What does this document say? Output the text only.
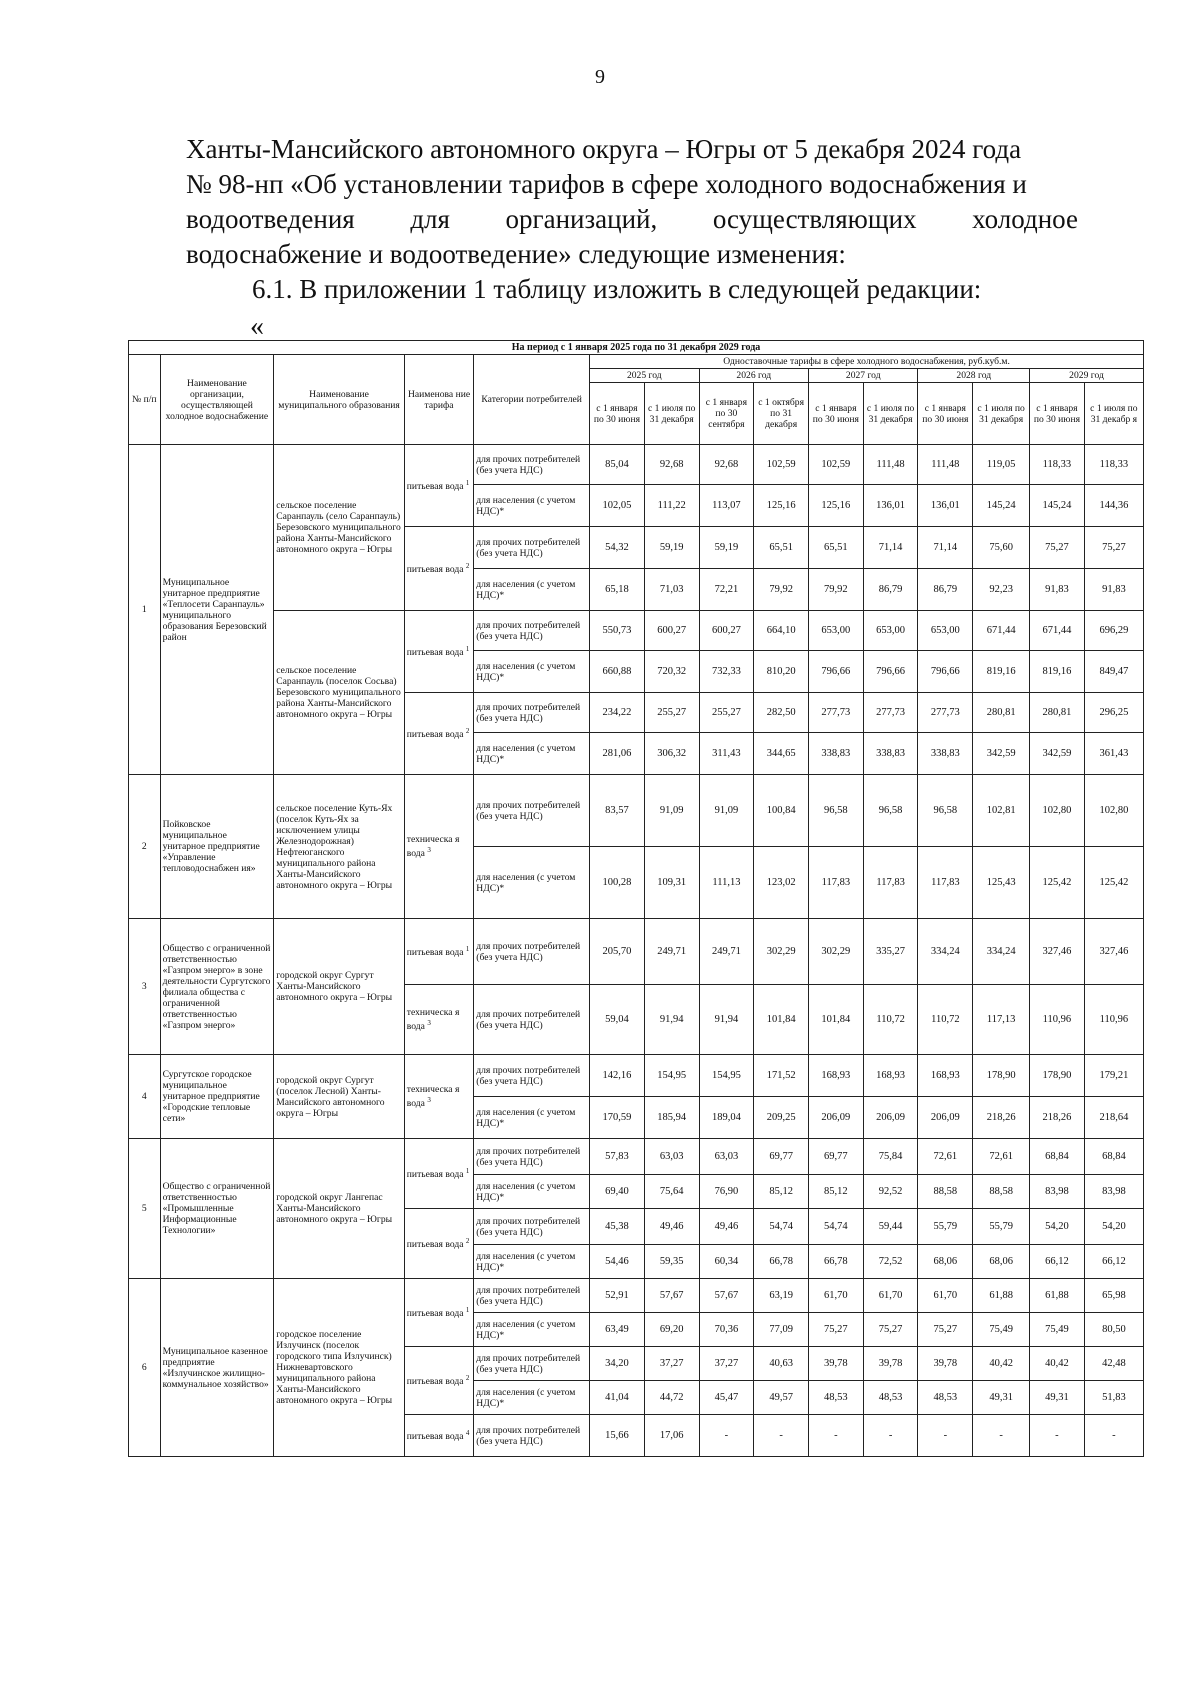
9
Ханты-Мансийского автономного округа – Югры от 5 декабря 2024 года
№ 98-нп «Об установлении тарифов в сфере холодного водоснабжения и
водоотведения для организаций, осуществляющих холодное
водоснабжение и водоотведение» следующие изменения:
6.1. В приложении 1 таблицу изложить в следующей редакции:
«
На период с 1 января 2025 года по 31 декабря 2029 года														
№ п/п	Наименование организации, осуществляющей холодное водоснабжение	Наименование муниципального образования	Наименова ние тарифа	Категории потребителей	Одноставочные тарифы в сфере холодного водоснабжения, руб.куб.м.									
					2025 год		2026 год		2027 год		2028 год		2029 год	
					с 1 января по 30 июня	с 1 июля по 31 декабря	с 1 января по 30 сентября	с 1 октября по 31 декабря	с 1 января по 30 июня	с 1 июля по 31 декабря	с 1 января по 30 июня	с 1 июля по 31 декабря	с 1 января по 30 июня	с 1 июля по 31 декабр я
1	Муниципальное унитарное предприятие «Теплосети Саранпауль» муниципального образования Березовский район	сельское поселение Саранпауль (село Саранпауль) Березовского муниципального района Ханты-Мансийского автономного округа – Югры	питьевая вода $^1$	для прочих потребителей (без учета НДС)	85,04	92,68	92,68	102,59	102,59	111,48	111,48	119,05	118,33	118,33
				для населения (с учетом НДС)*	102,05	111,22	113,07	125,16	125,16	136,01	136,01	145,24	145,24	144,36
			питьевая вода $^2$	для прочих потребителей (без учета НДС)	54,32	59,19	59,19	65,51	65,51	71,14	71,14	75,60	75,27	75,27
				для населения (с учетом НДС)*	65,18	71,03	72,21	79,92	79,92	86,79	86,79	92,23	91,83	91,83
		сельское поселение Саранпауль (поселок Сосьва) Березовского муниципального района Ханты-Мансийского автономного округа – Югры	питьевая вода $^1$	для прочих потребителей (без учета НДС)	550,73	600,27	600,27	664,10	653,00	653,00	653,00	671,44	671,44	696,29
				для населения (с учетом НДС)*	660,88	720,32	732,33	810,20	796,66	796,66	796,66	819,16	819,16	849,47
			питьевая вода $^2$	для прочих потребителей (без учета НДС)	234,22	255,27	255,27	282,50	277,73	277,73	277,73	280,81	280,81	296,25
				для населения (с учетом НДС)*	281,06	306,32	311,43	344,65	338,83	338,83	338,83	342,59	342,59	361,43
2	Пойковское муниципальное унитарное предприятие «Управление тепловодоснабжен ия»	сельское поселение Куть-Ях (поселок Куть-Ях за исключением улицы Железнодорожная) Нефтеюганского муниципального района Ханты-Мансийского автономного округа – Югры	техническа я вода $^3$	для прочих потребителей (без учета НДС)	83,57	91,09	91,09	100,84	96,58	96,58	96,58	102,81	102,80	102,80
				для населения (с учетом НДС)*	100,28	109,31	111,13	123,02	117,83	117,83	117,83	125,43	125,42	125,42
3	Общество с ограниченной ответственностью «Газпром энерго» в зоне деятельности Сургутского филиала общества с ограниченной ответственностью «Газпром энерго»	городской округ Сургут Ханты-Мансийского автономного округа – Югры	питьевая вода $^1$	для прочих потребителей (без учета НДС)	205,70	249,71	249,71	302,29	302,29	335,27	334,24	334,24	327,46	327,46
			техническа я вода $^3$	для прочих потребителей (без учета НДС)	59,04	91,94	91,94	101,84	101,84	110,72	110,72	117,13	110,96	110,96
4	Сургутское городское муниципальное унитарное предприятие «Городские тепловые сети»	городской округ Сургут (поселок Лесной) Ханты-Мансийского автономного округа – Югры	техническа я вода $^3$	для прочих потребителей (без учета НДС)	142,16	154,95	154,95	171,52	168,93	168,93	168,93	178,90	178,90	179,21
				для населения (с учетом НДС)*	170,59	185,94	189,04	209,25	206,09	206,09	206,09	218,26	218,26	218,64
5	Общество с ограниченной ответственностью «Промышленные Информационные Технологии»	городской округ Лангепас Ханты-Мансийского автономного округа – Югры	питьевая вода $^1$	для прочих потребителей (без учета НДС)	57,83	63,03	63,03	69,77	69,77	75,84	72,61	72,61	68,84	68,84
				для населения (с учетом НДС)*	69,40	75,64	76,90	85,12	85,12	92,52	88,58	88,58	83,98	83,98
			питьевая вода $^2$	для прочих потребителей (без учета НДС)	45,38	49,46	49,46	54,74	54,74	59,44	55,79	55,79	54,20	54,20
				для населения (с учетом НДС)*	54,46	59,35	60,34	66,78	66,78	72,52	68,06	68,06	66,12	66,12
6	Муниципальное казенное предприятие «Излучинское жилищно-коммунальное хозяйство»	городское поселение Излучинск (поселок городского типа Излучинск) Нижневартовского муниципального района Ханты-Мансийского автономного округа – Югры	питьевая вода $^1$	для прочих потребителей (без учета НДС)	52,91	57,67	57,67	63,19	61,70	61,70	61,70	61,88	61,88	65,98
				для населения (с учетом НДС)*	63,49	69,20	70,36	77,09	75,27	75,27	75,27	75,49	75,49	80,50
			питьевая вода $^2$	для прочих потребителей (без учета НДС)	34,20	37,27	37,27	40,63	39,78	39,78	39,78	40,42	40,42	42,48
				для населения (с учетом НДС)*	41,04	44,72	45,47	49,57	48,53	48,53	48,53	49,31	49,31	51,83
			питьевая вода $^4$	для прочих потребителей (без учета НДС)	15,66	17,06	-	-	-	-	-	-	-	-
